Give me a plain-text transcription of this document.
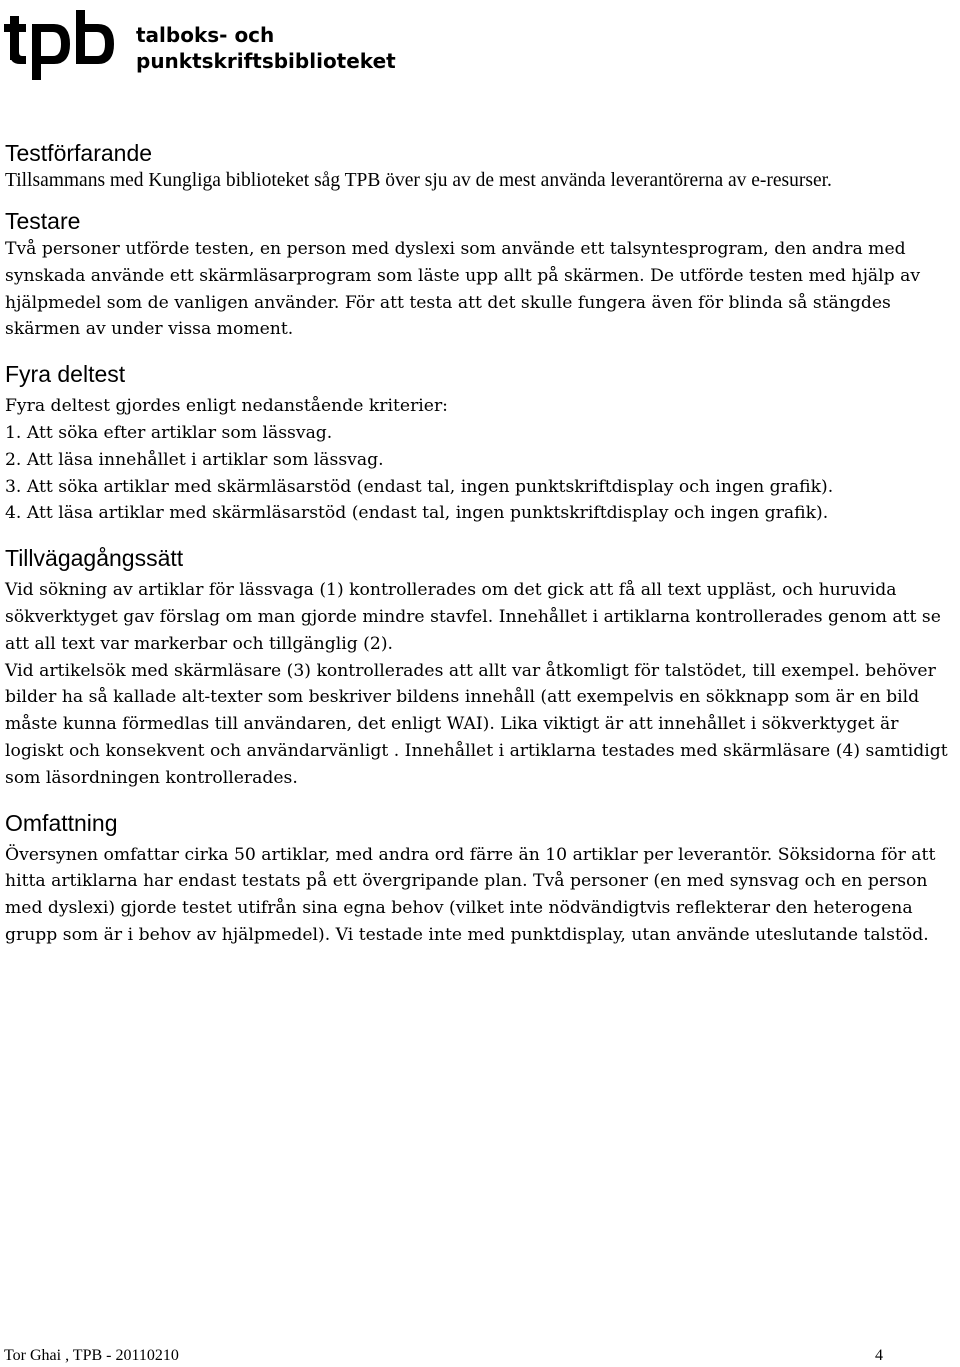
talboks- och
punktskriftsbiblioteket
Testförfarande

Tillsammans med Kungliga biblioteket såg TPB över sju av de mest använda leverantörerna av e-resurser.

Testare

Två personer utförde testen, en person med dyslexi som använde ett talsyntesprogram, den andra med synskada använde ett skärmläsarprogram som läste upp allt på skärmen. De utförde testen med hjälp av hjälpmedel som de vanligen använder. För att testa att det skulle fungera även för blinda så stängdes skärmen av under vissa moment.

Fyra deltest
Fyra deltest gjordes enligt nedanstående kriterier:
1. Att söka efter artiklar som lässvag.
2. Att läsa innehållet i artiklar som lässvag.
3. Att söka artiklar med skärmläsarstöd (endast tal, ingen punktskriftdisplay och ingen grafik).
4. Att läsa artiklar med skärmläsarstöd (endast tal, ingen punktskriftdisplay och ingen grafik).
Tillvägagångssätt
Vid sökning av artiklar för lässvaga (1) kontrollerades om det gick att få all text uppläst, och huruvida sökverktyget gav förslag om man gjorde mindre stavfel. Innehållet i artiklarna kontrollerades genom att se att all text var markerbar och tillgänglig (2).
Vid artikelsök med skärmläsare (3) kontrollerades att allt var åtkomligt för talstödet, till exempel. behöver bilder ha så kallade alt-texter som beskriver bildens innehåll (att exempelvis en sökknapp som är en bild måste kunna förmedlas till användaren, det enligt WAI). Lika viktigt är att innehållet i sökverktyget är logiskt och konsekvent och användarvänligt . Innehållet i artiklarna testades med skärmläsare (4) samtidigt som läsordningen kontrollerades.
Omfattning

Översynen omfattar cirka 50 artiklar, med andra ord färre än 10 artiklar per leverantör. Söksidorna för att hitta artiklarna har endast testats på ett övergripande plan. Två personer (en med synsvag och en person med dyslexi) gjorde testet utifrån sina egna behov (vilket inte nödvändigtvis reflekterar den heterogena grupp som är i behov av hjälpmedel). Vi testade inte med punktdisplay, utan använde uteslutande talstöd.

Tor Ghai , TPB - 20110210	4
